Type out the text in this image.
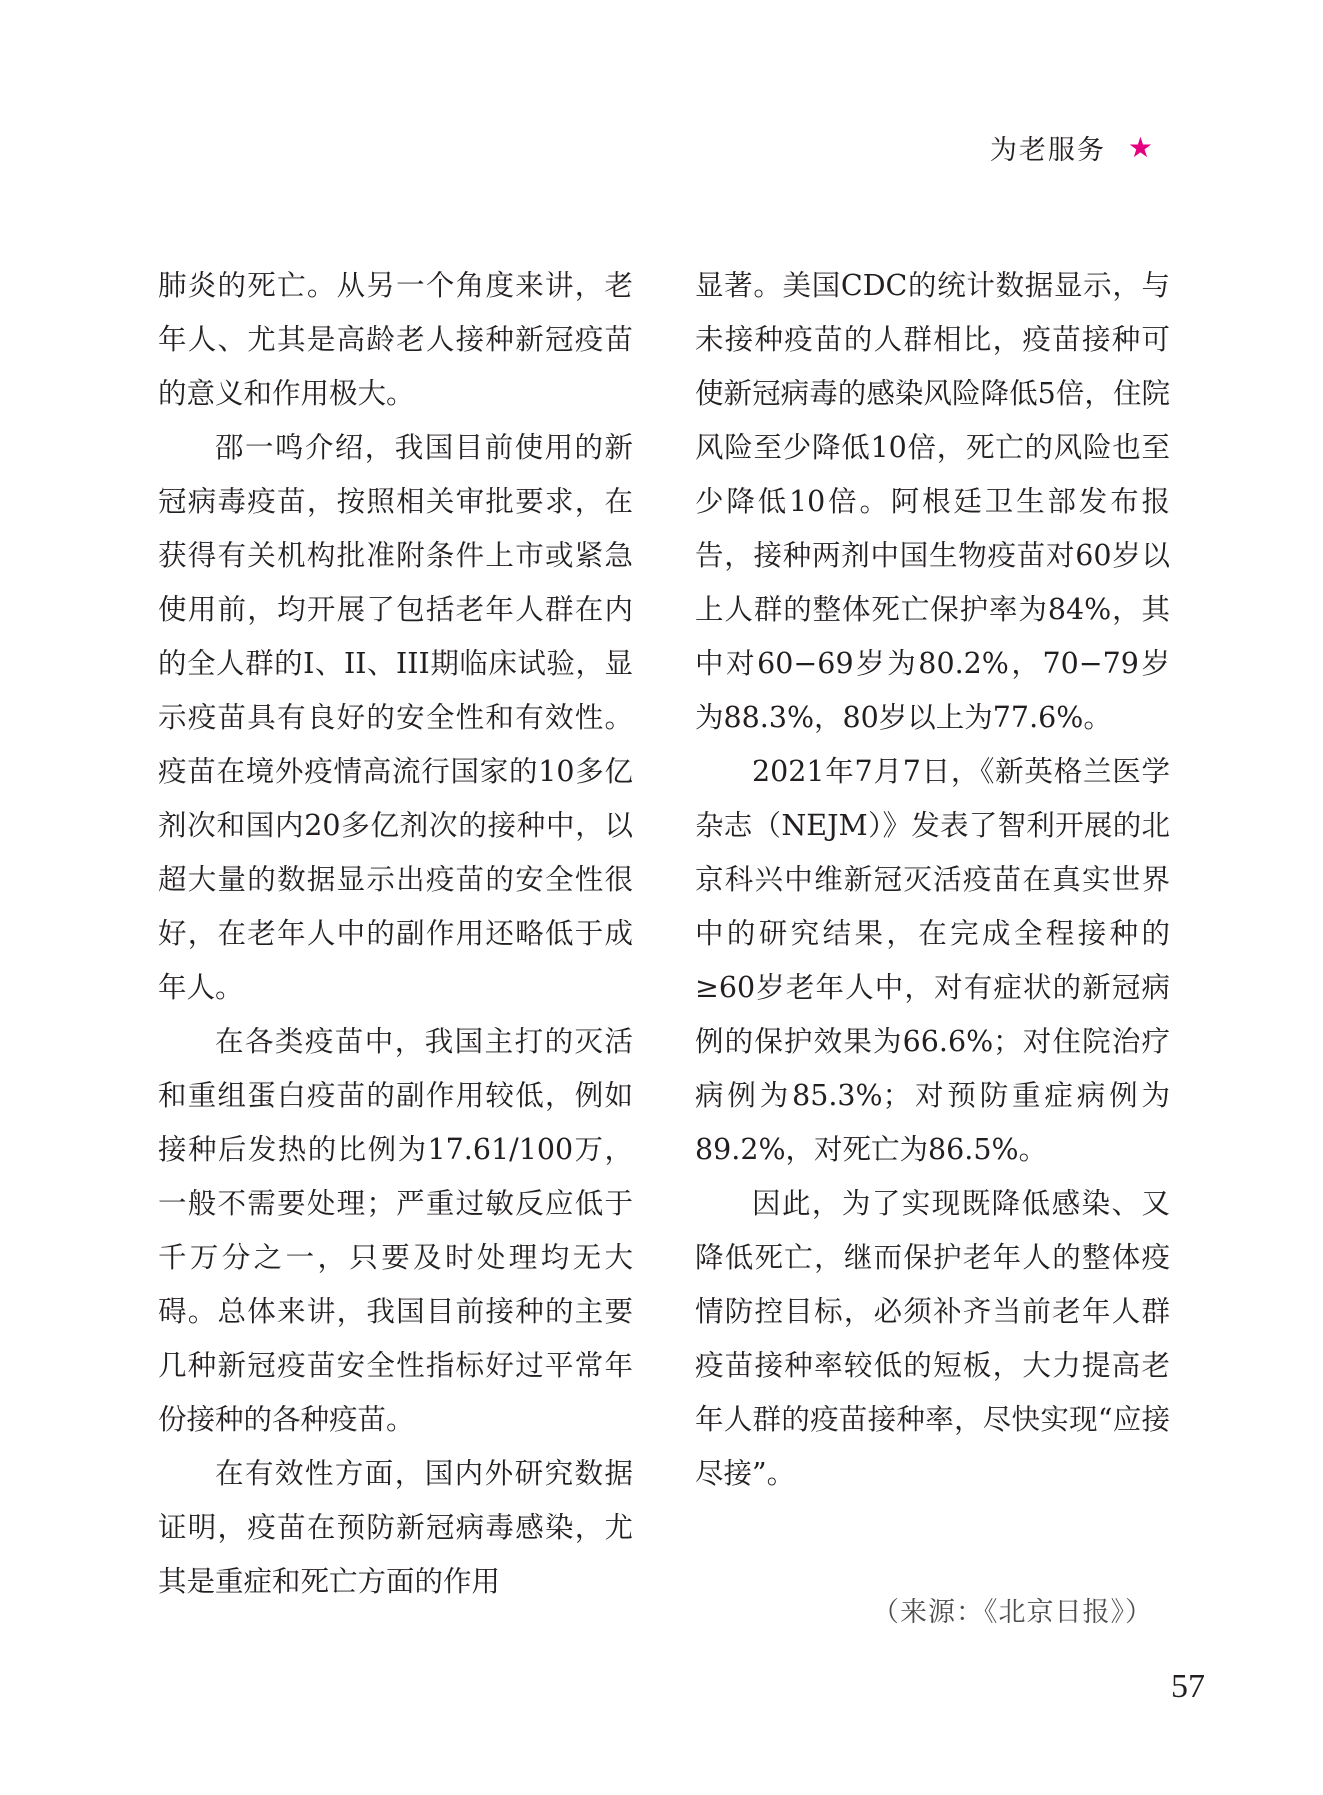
为老服务 ★

肺炎的死亡。从另一个角度来讲，老年人、尤其是高龄老人接种新冠疫苗的意义和作用极大。

邵一鸣介绍，我国目前使用的新冠病毒疫苗，按照相关审批要求，在获得有关机构批准附条件上市或紧急使用前，均开展了包括老年人群在内的全人群的I、II、III期临床试验，显示疫苗具有良好的安全性和有效性。疫苗在境外疫情高流行国家的10多亿剂次和国内20多亿剂次的接种中，以超大量的数据显示出疫苗的安全性很好，在老年人中的副作用还略低于成年人。

在各类疫苗中，我国主打的灭活和重组蛋白疫苗的副作用较低，例如接种后发热的比例为17.61/100万，一般不需要处理；严重过敏反应低于千万分之一，只要及时处理均无大碍。总体来讲，我国目前接种的主要几种新冠疫苗安全性指标好过平常年份接种的各种疫苗。

在有效性方面，国内外研究数据证明，疫苗在预防新冠病毒感染，尤其是重症和死亡方面的作用

显著。美国CDC的统计数据显示，与未接种疫苗的人群相比，疫苗接种可使新冠病毒的感染风险降低5倍，住院风险至少降低10倍，死亡的风险也至少降低10倍。阿根廷卫生部发布报告，接种两剂中国生物疫苗对60岁以上人群的整体死亡保护率为84%，其中对60−69岁为80.2%，70−79岁为88.3%，80岁以上为77.6%。

2021年7月7日，《新英格兰医学杂志（NEJM）》发表了智利开展的北京科兴中维新冠灭活疫苗在真实世界中的研究结果，在完成全程接种的≥60岁老年人中，对有症状的新冠病例的保护效果为66.6%；对住院治疗病例为85.3%；对预防重症病例为89.2%，对死亡为86.5%。

因此，为了实现既降低感染、又降低死亡，继而保护老年人的整体疫情防控目标，必须补齐当前老年人群疫苗接种率较低的短板，大力提高老年人群的疫苗接种率，尽快实现“应接尽接”。

（来源：《北京日报》）
57
